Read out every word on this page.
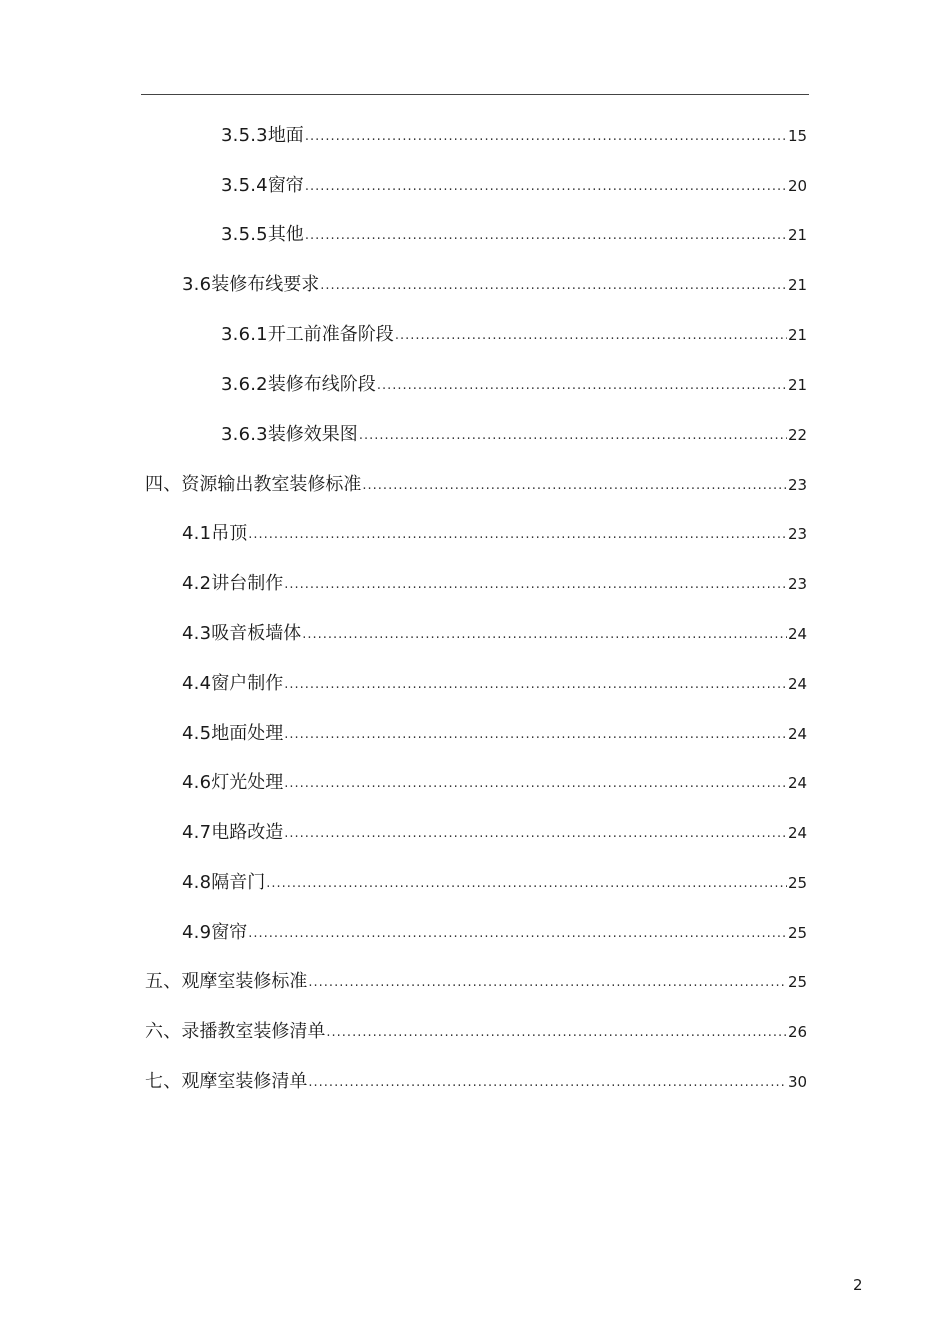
3.5.3 地面 .....	15
3.5.4 窗帘 .....	20
3.5.5 其他 .....	21
3.6 装修布线要求 .....	21
3.6.1 开工前准备阶段 .....	21
3.6.2 装修布线阶段 .....	21
3.6.3 装修效果图 .....	22
四、 资源输出教室装修标准 .....	23
4.1 吊顶 .....	23
4.2 讲台制作 .....	23
4.3 吸音板墙体 .....	24
4.4 窗户制作 .....	24
4.5 地面处理 .....	24
4.6 灯光处理 .....	24
4.7 电路改造 .....	24
4.8 隔音门 .....	25
4.9 窗帘 .....	25
五、 观摩室装修标准 .....	25
六、 录播教室装修清单 .....	26
七、 观摩室装修清单 .....	30
2
